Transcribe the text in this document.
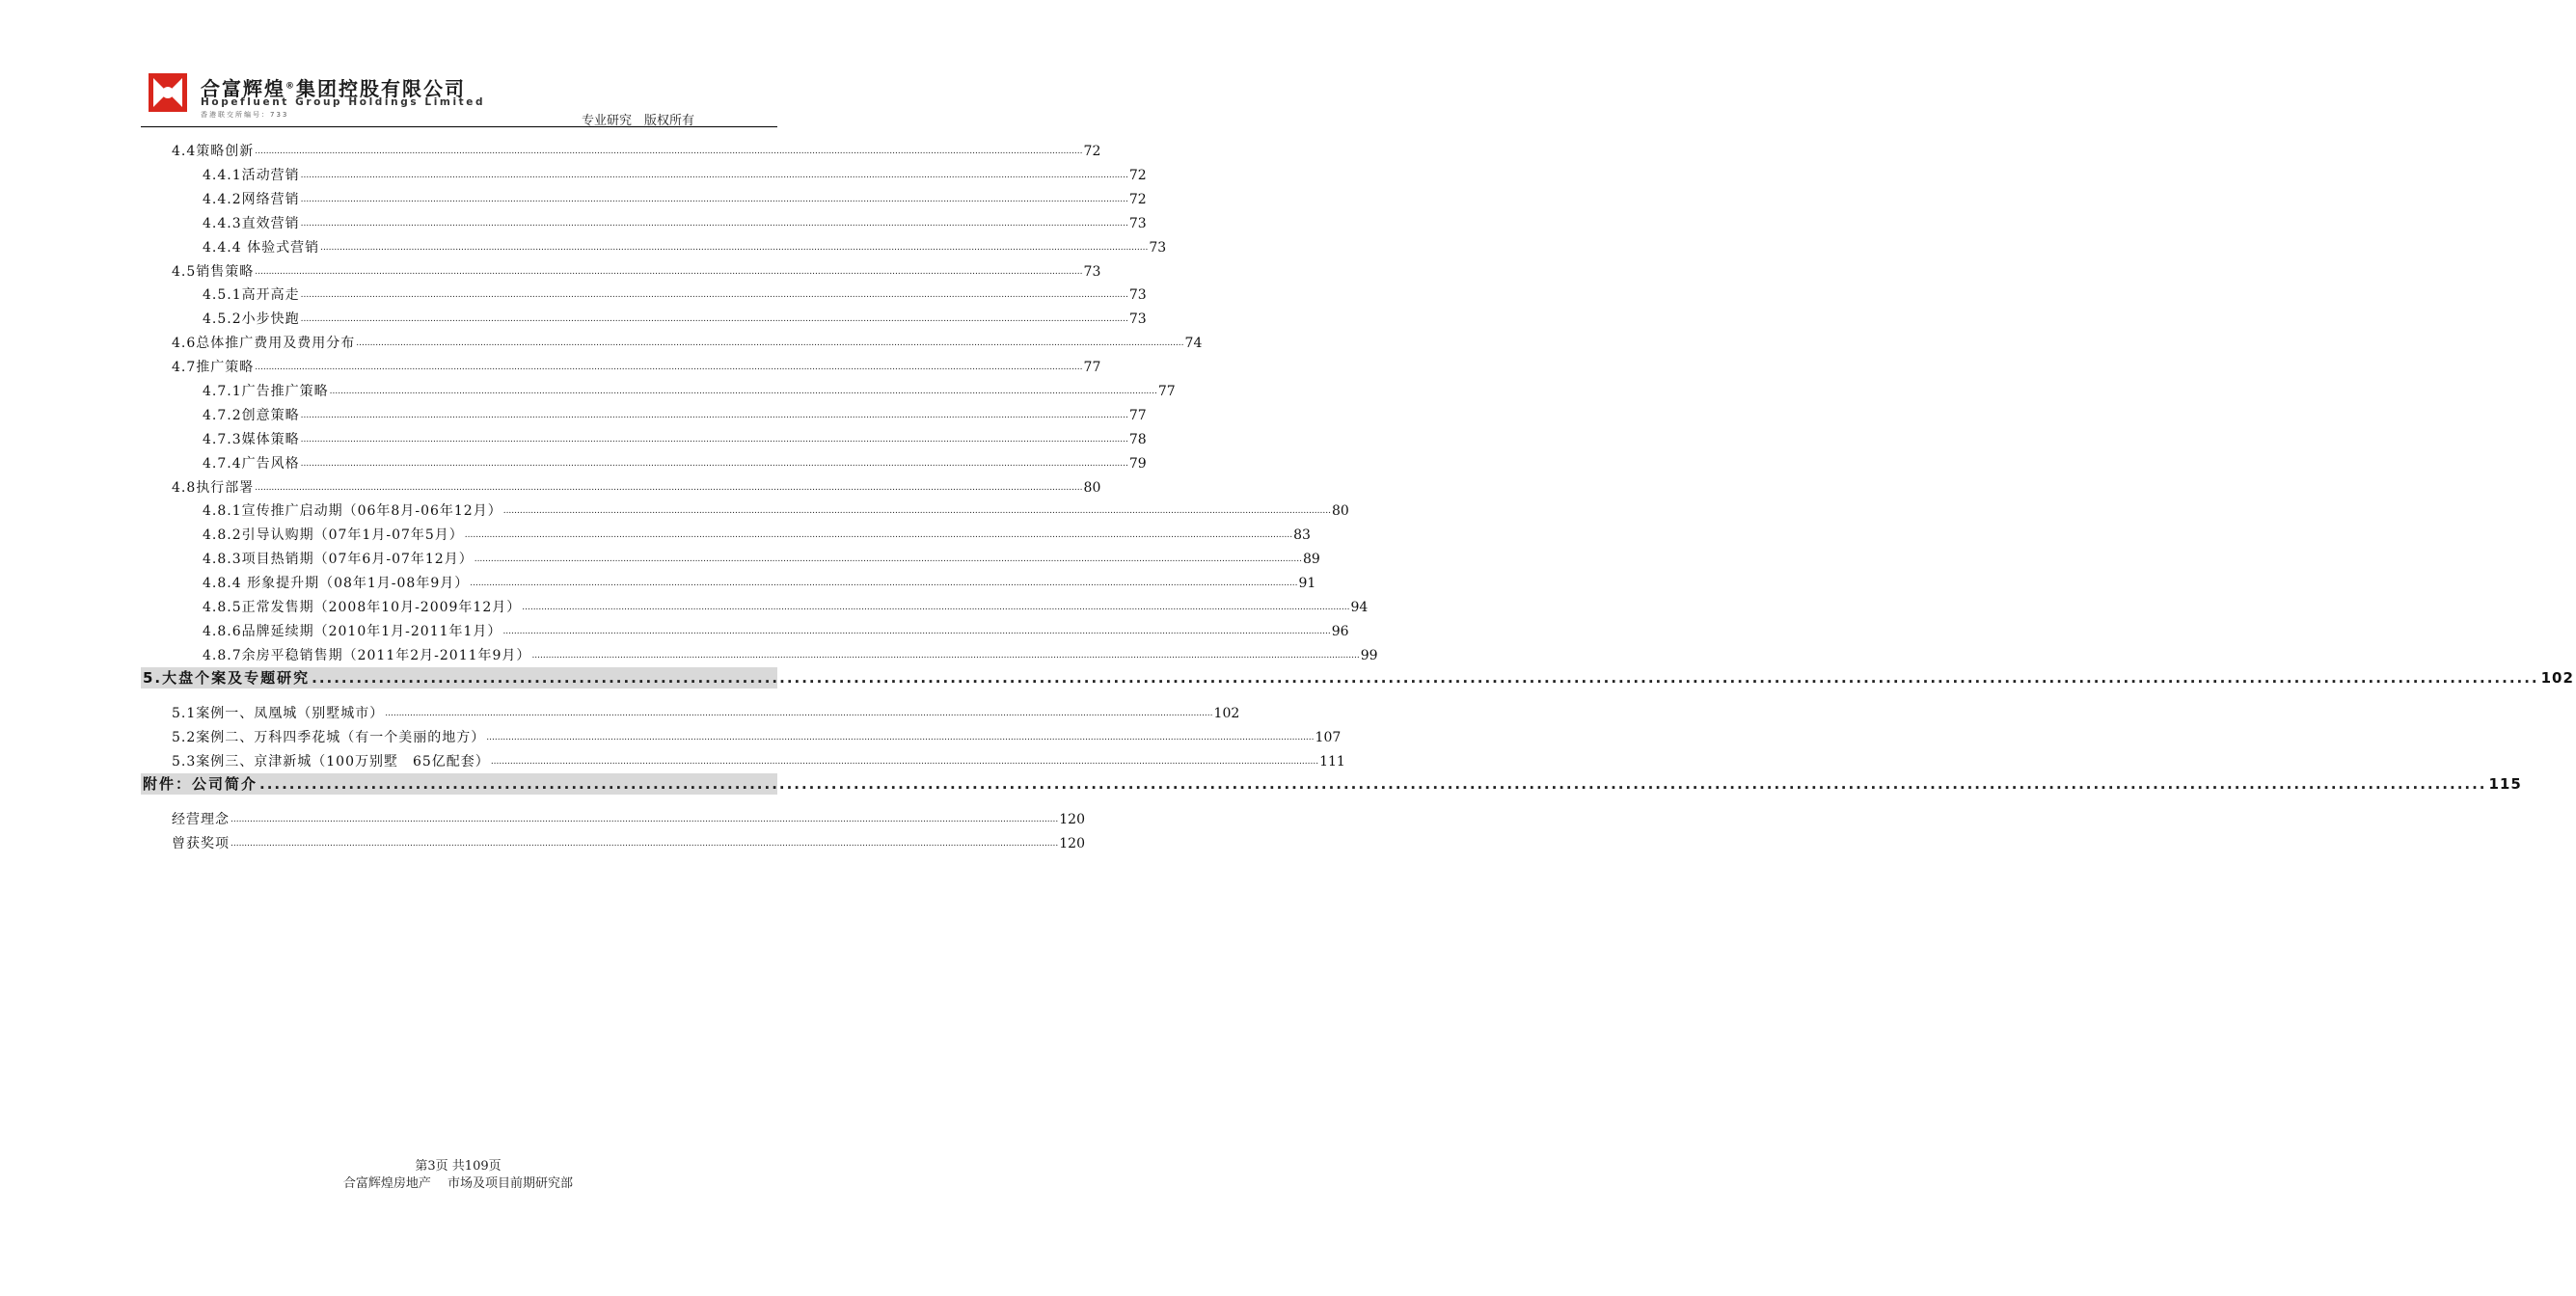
合富辉煌®集团控股有限公司
Hopefluent Group Holdings Limited
香港联交所编号：733	专业研究　版权所有
4.4策略创新 ............................................................................................................................................................................................................................................................................................................ 72
4.4.1活动营销 ............................................................................................................................................................................................................................................................................................................ 72
4.4.2网络营销 ............................................................................................................................................................................................................................................................................................................ 72
4.4.3直效营销 ............................................................................................................................................................................................................................................................................................................ 73
4.4.4 体验式营销 ............................................................................................................................................................................................................................................................................................................ 73
4.5销售策略 ............................................................................................................................................................................................................................................................................................................ 73
4.5.1高开高走 ............................................................................................................................................................................................................................................................................................................ 73
4.5.2小步快跑 ............................................................................................................................................................................................................................................................................................................ 73
4.6总体推广费用及费用分布 ............................................................................................................................................................................................................................................................................................................ 74
4.7推广策略 ............................................................................................................................................................................................................................................................................................................ 77
4.7.1广告推广策略 ............................................................................................................................................................................................................................................................................................................ 77
4.7.2创意策略 ............................................................................................................................................................................................................................................................................................................ 77
4.7.3媒体策略 ............................................................................................................................................................................................................................................................................................................ 78
4.7.4广告风格 ............................................................................................................................................................................................................................................................................................................ 79
4.8执行部署 ............................................................................................................................................................................................................................................................................................................ 80
4.8.1宣传推广启动期（06年8月-06年12月） ............................................................................................................................................................................................................................................................................................................ 80
4.8.2引导认购期（07年1月-07年5月） ............................................................................................................................................................................................................................................................................................................ 83
4.8.3项目热销期（07年6月-07年12月） ............................................................................................................................................................................................................................................................................................................ 89
4.8.4 形象提升期（08年1月-08年9月） ............................................................................................................................................................................................................................................................................................................ 91
4.8.5正常发售期（2008年10月-2009年12月） ............................................................................................................................................................................................................................................................................................................ 94
4.8.6品牌延续期（2010年1月-2011年1月） ............................................................................................................................................................................................................................................................................................................ 96
4.8.7余房平稳销售期（2011年2月-2011年9月） ............................................................................................................................................................................................................................................................................................................ 99
5.大盘个案及专题研究 ............................................................................................................................................................................................................................................................................................................ 102
5.1案例一、凤凰城（别墅城市） ............................................................................................................................................................................................................................................................................................................ 102
5.2案例二、万科四季花城（有一个美丽的地方） ............................................................................................................................................................................................................................................................................................................ 107
5.3案例三、京津新城（100万别墅　65亿配套） ............................................................................................................................................................................................................................................................................................................ 111
附件：公司简介 ............................................................................................................................................................................................................................................................................................................ 115
经营理念 ............................................................................................................................................................................................................................................................................................................ 120
曾获奖项 ............................................................................................................................................................................................................................................................................................................ 120
第3页 共109页
合富辉煌房地产　 市场及项目前期研究部
